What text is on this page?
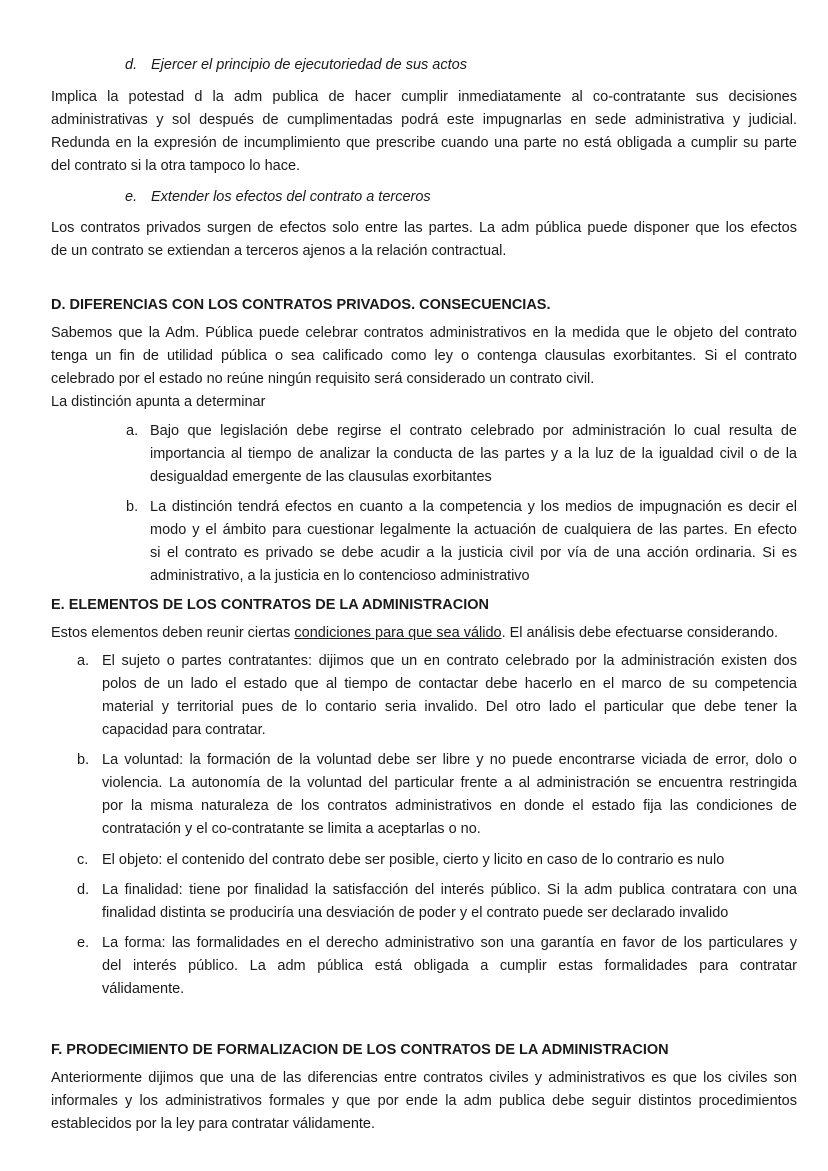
d. Ejercer el principio de ejecutoriedad de sus actos
Implica la potestad d la adm publica de hacer cumplir inmediatamente al co-contratante sus decisiones
administrativas y sol después de cumplimentadas podrá este impugnarlas en sede administrativa y judicial.
Redunda en la expresión de incumplimiento que prescribe cuando una parte no está obligada a cumplir su parte
del contrato si la otra tampoco lo hace.
e. Extender los efectos del contrato a terceros
Los contratos privados surgen de efectos solo entre las partes. La adm pública puede disponer que los efectos
de un contrato se extiendan a terceros ajenos a la relación contractual.
D. DIFERENCIAS CON LOS CONTRATOS PRIVADOS. CONSECUENCIAS.
Sabemos que la Adm. Pública puede celebrar contratos administrativos en la medida que le objeto del contrato
tenga un fin de utilidad pública o sea calificado como ley o contenga clausulas exorbitantes. Si el contrato
celebrado por el estado no reúne ningún requisito será considerado un contrato civil.
La distinción apunta a determinar
a. Bajo que legislación debe regirse el contrato celebrado por administración lo cual resulta de
importancia al tiempo de analizar la conducta de las partes y a la luz de la igualdad civil o de la
desigualdad emergente de las clausulas exorbitantes
b. La distinción tendrá efectos en cuanto a la competencia y los medios de impugnación es decir el
modo y el ámbito para cuestionar legalmente la actuación de cualquiera de las partes. En efecto
si el contrato es privado se debe acudir a la justicia civil por vía de una acción ordinaria. Si es
administrativo, a la justicia en lo contencioso administrativo
E. ELEMENTOS DE LOS CONTRATOS DE LA ADMINISTRACION
Estos elementos deben reunir ciertas condiciones para que sea válido. El análisis debe efectuarse considerando.
a. El sujeto o partes contratantes: dijimos que un en contrato celebrado por la administración existen dos
polos de un lado el estado que al tiempo de contactar debe hacerlo en el marco de su competencia
material y territorial pues de lo contario seria invalido. Del otro lado el particular que debe tener la
capacidad para contratar.
b. La voluntad: la formación de la voluntad debe ser libre y no puede encontrarse viciada de error, dolo o
violencia. La autonomía de la voluntad del particular frente a al administración se encuentra restringida
por la misma naturaleza de los contratos administrativos en donde el estado fija las condiciones de
contratación y el co-contratante se limita a aceptarlas o no.
c. El objeto: el contenido del contrato debe ser posible, cierto y licito en caso de lo contrario es nulo
d. La finalidad: tiene por finalidad la satisfacción del interés público. Si la adm publica contratara con una
finalidad distinta se produciría una desviación de poder y el contrato puede ser declarado invalido
e. La forma: las formalidades en el derecho administrativo son una garantía en favor de los particulares y
del interés público. La adm pública está obligada a cumplir estas formalidades para contratar
válidamente.
F. PRODECIMIENTO DE FORMALIZACION DE LOS CONTRATOS DE LA ADMINISTRACION
Anteriormente dijimos que una de las diferencias entre contratos civiles y administrativos es que los civiles son
informales y los administrativos formales y que por ende la adm publica debe seguir distintos procedimientos
establecidos por la ley para contratar válidamente.
